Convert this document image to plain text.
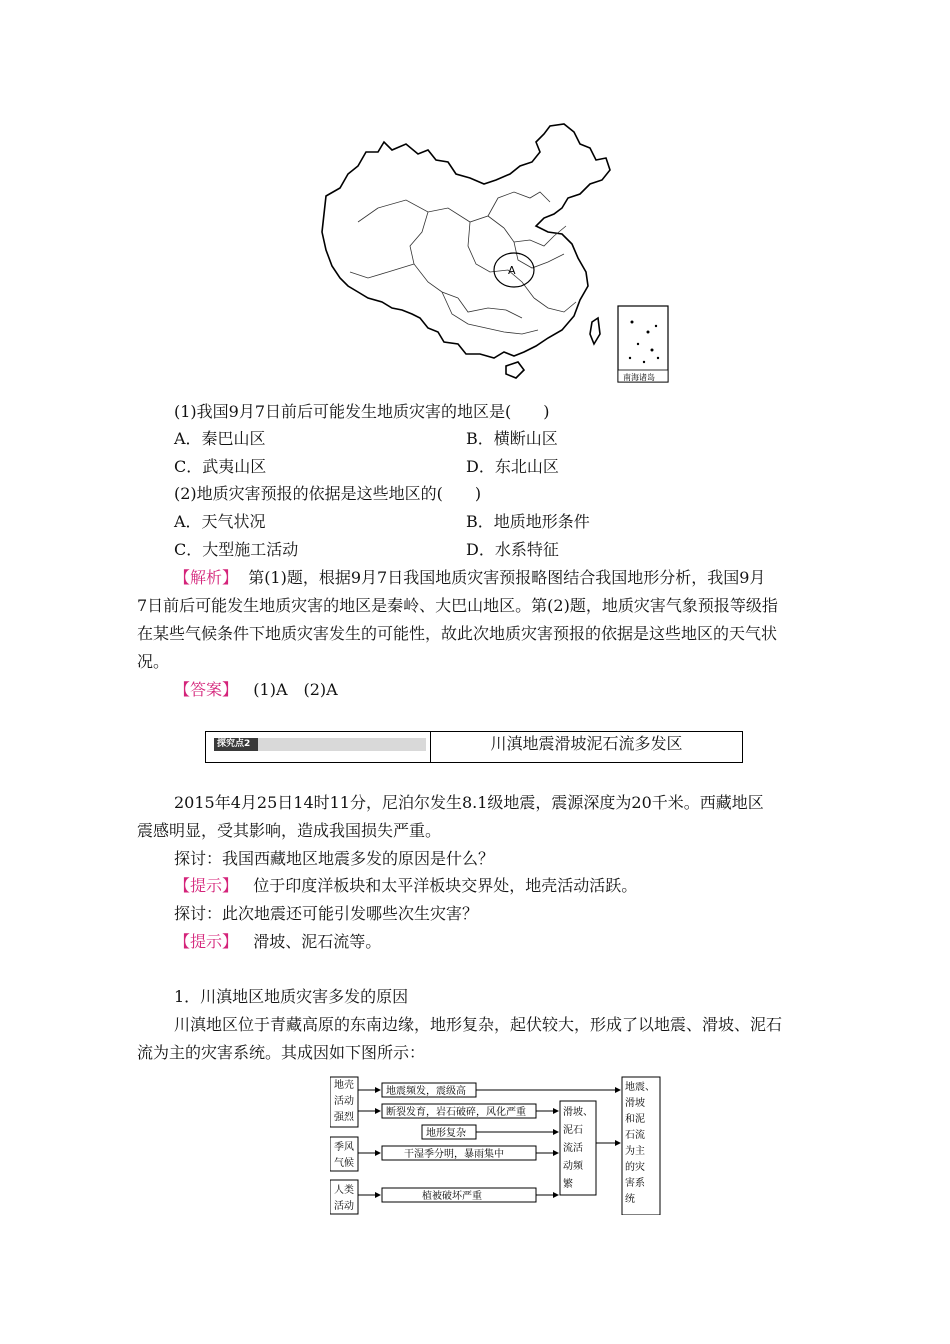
A
南海诸岛
(1)我国9月7日前后可能发生地质灾害的地区是(　　)
A．秦巴山区	B．横断山区
C．武夷山区	D．东北山区
(2)地质灾害预报的依据是这些地区的(　　)
A．天气状况	B．地质地形条件
C．大型施工活动	D．水系特征
【解析】 第(1)题，根据9月7日我国地质灾害预报略图结合我国地形分析，我国9月
7日前后可能发生地质灾害的地区是秦岭、大巴山地区。第(2)题，地质灾害气象预报等级指
在某些气候条件下地质灾害发生的可能性，故此次地质灾害预报的依据是这些地区的天气状
况。
【答案】 (1)A　(2)A
探究点2	川滇地震滑坡泥石流多发区
2015年4月25日14时11分，尼泊尔发生8.1级地震，震源深度为20千米。西藏地区
震感明显，受其影响，造成我国损失严重。
探讨：我国西藏地区地震多发的原因是什么？
【提示】 位于印度洋板块和太平洋板块交界处，地壳活动活跃。
探讨：此次地震还可能引发哪些次生灾害？
【提示】 滑坡、泥石流等。
1．川滇地区地质灾害多发的原因
川滇地区位于青藏高原的东南边缘，地形复杂，起伏较大，形成了以地震、滑坡、泥石
流为主的灾害系统。其成因如下图所示：
地壳
活动
强烈
季风
气候
人类
活动
地震频发，震级高
断裂发育，岩石破碎，风化严重
地形复杂
干湿季分明，暴雨集中
植被破坏严重
滑坡、
泥石
流活
动频
繁
地震、
滑坡
和泥
石流
为主
的灾
害系
统
